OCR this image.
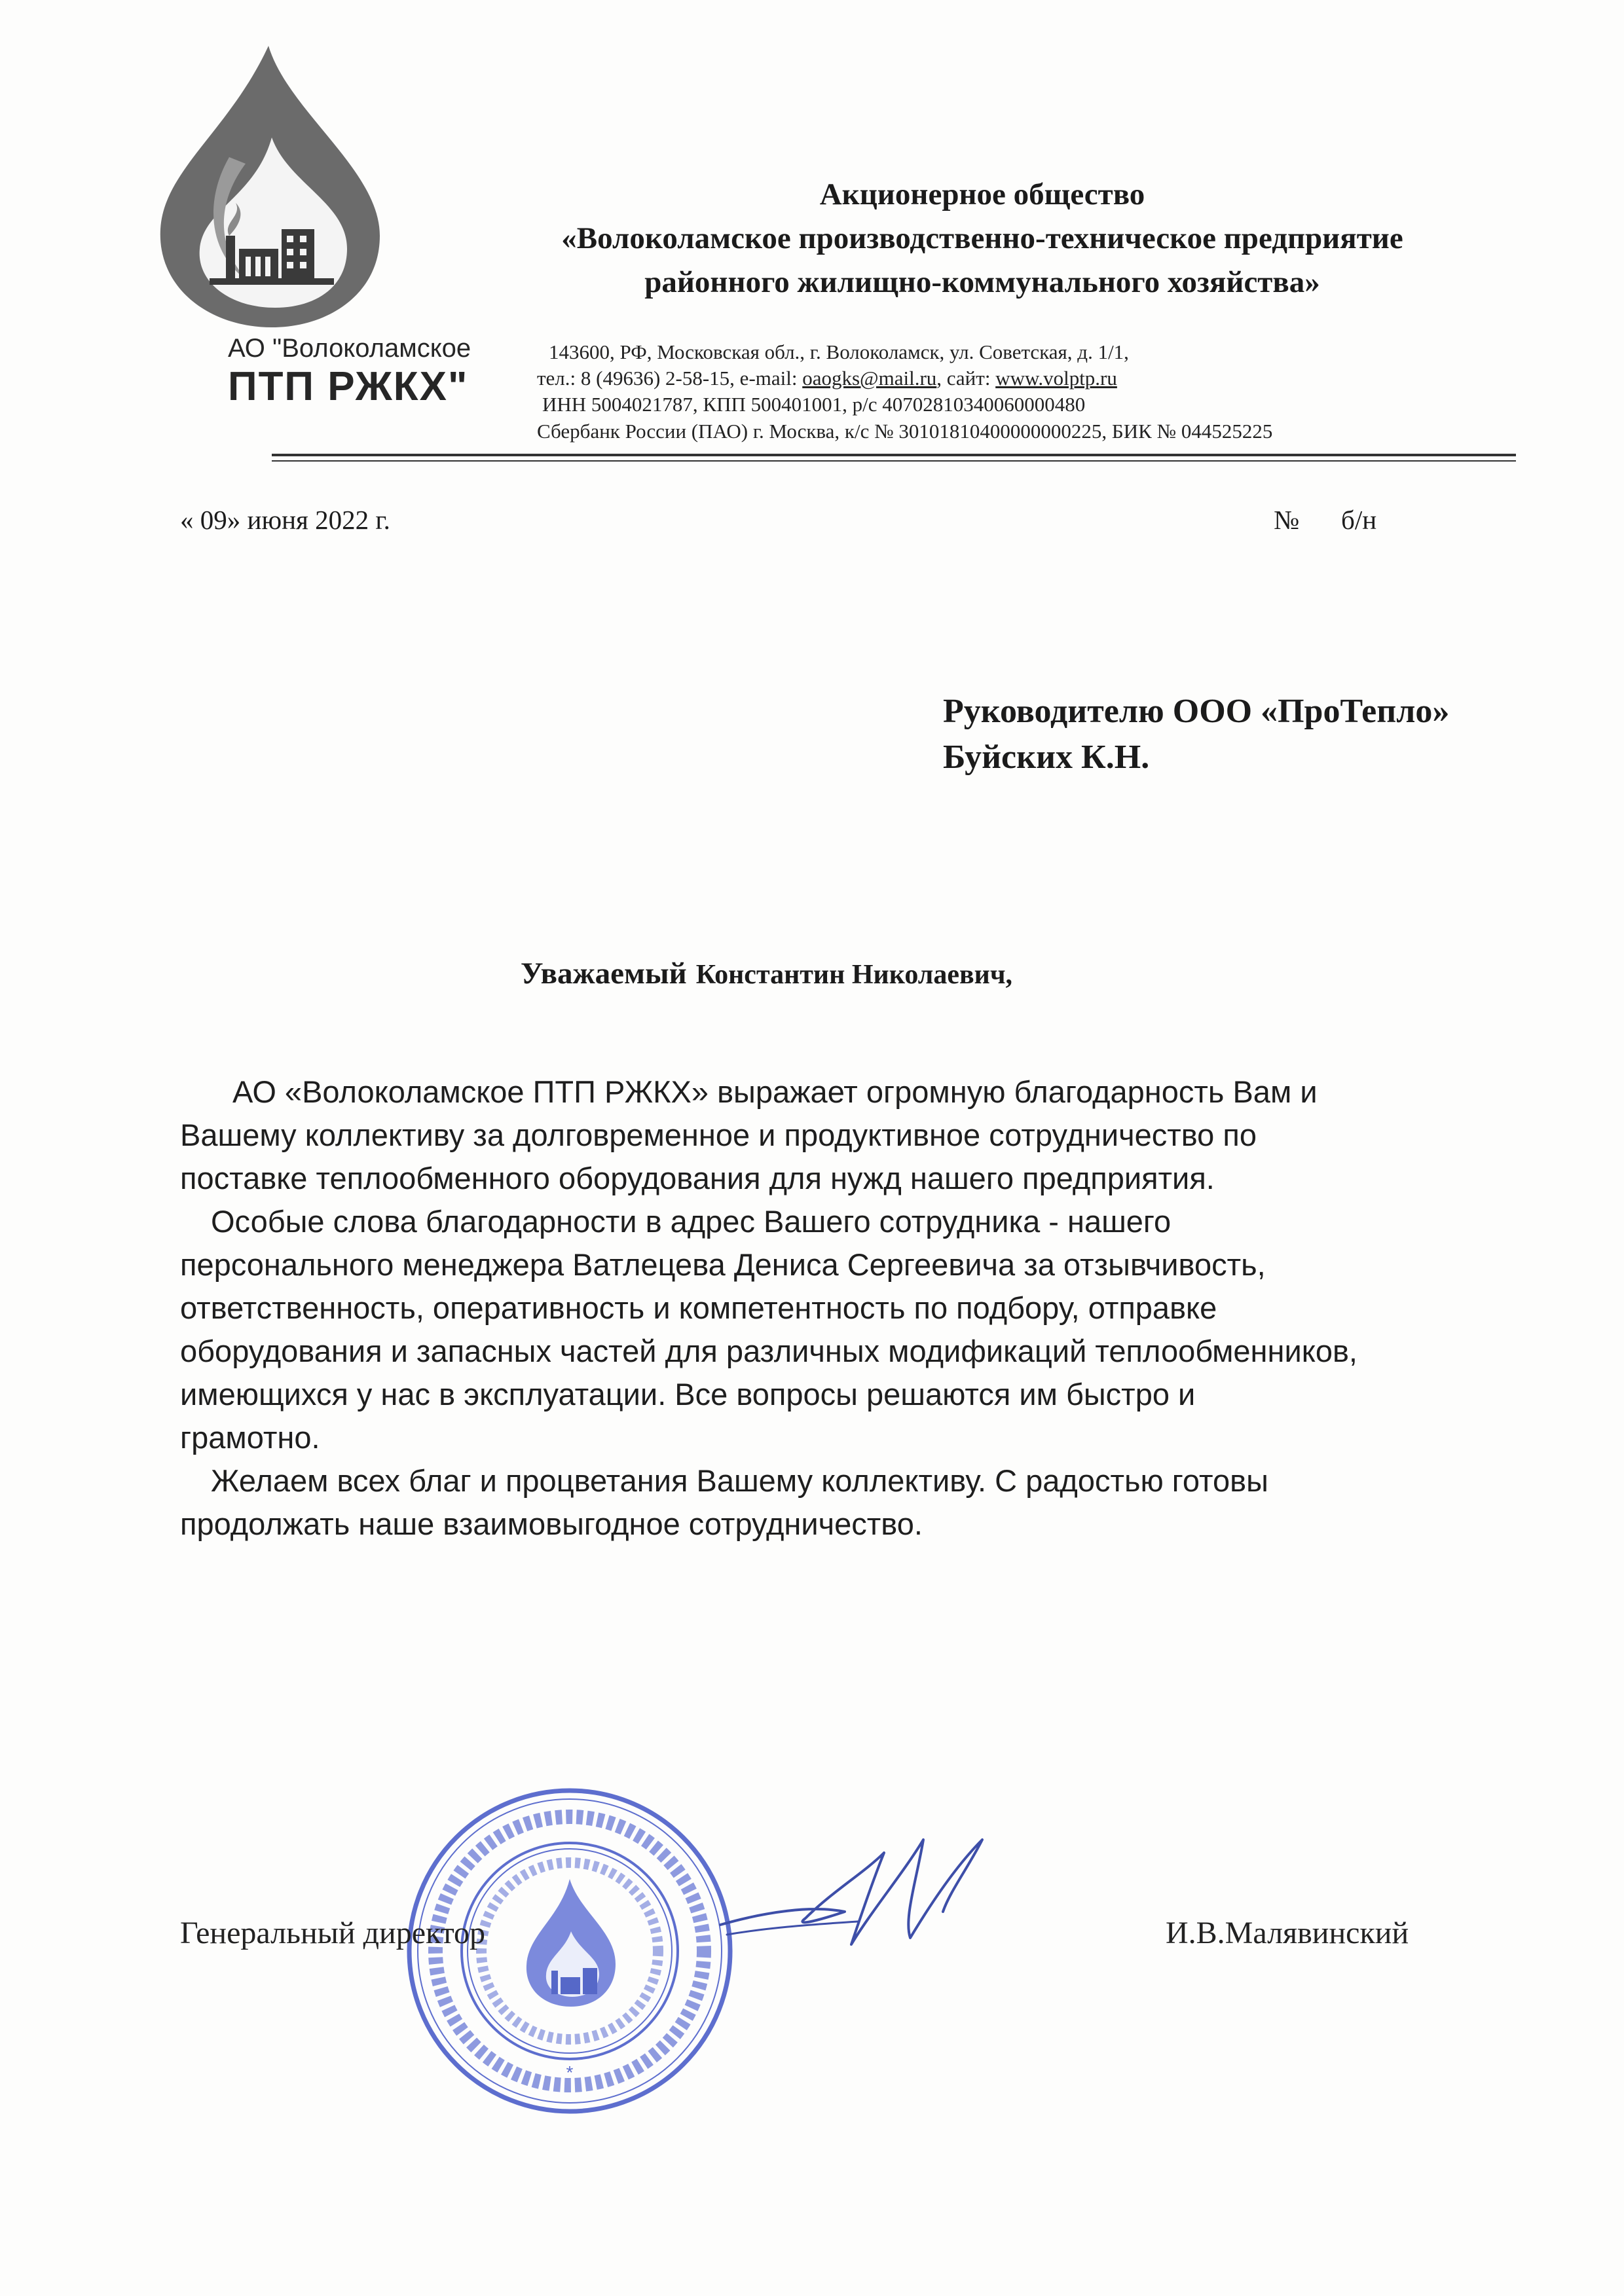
АО "Волоколамское
ПТП РЖКХ"
Акционерное общество
«Волоколамское производственно-техническое предприятие
районного жилищно-коммунального хозяйства»
143600, РФ, Московская обл., г. Волоколамск, ул. Советская, д. 1/1,
тел.: 8 (49636) 2-58-15, e-mail: oaogks@mail.ru, сайт: www.volptp.ru
ИНН 5004021787, КПП 500401001, р/с 40702810340060000480
Сбербанк России (ПАО) г. Москва, к/с № 30101810400000000225, БИК № 044525225
« 09» июня 2022 г.	№ б/н
Руководителю ООО «ПроТепло»
Буйских К.Н.
Уважаемый Константин Николаевич,
АО «Волоколамское ПТП РЖКХ» выражает огромную благодарность Вам и
Вашему коллективу за долговременное и продуктивное сотрудничество по
поставке теплообменного оборудования для нужд нашего предприятия.
Особые слова благодарности в адрес Вашего сотрудника - нашего
персонального менеджера Ватлецева Дениса Сергеевича за отзывчивость,
ответственность, оперативность и компетентность по подбору, отправке
оборудования и запасных частей для различных модификаций теплообменников,
имеющихся у нас в эксплуатации. Все вопросы решаются им быстро и
грамотно.
Желаем всех благ и процветания Вашему коллективу. С радостью готовы
продолжать наше взаимовыгодное сотрудничество.
*
Генеральный директор	И.В.Малявинский
